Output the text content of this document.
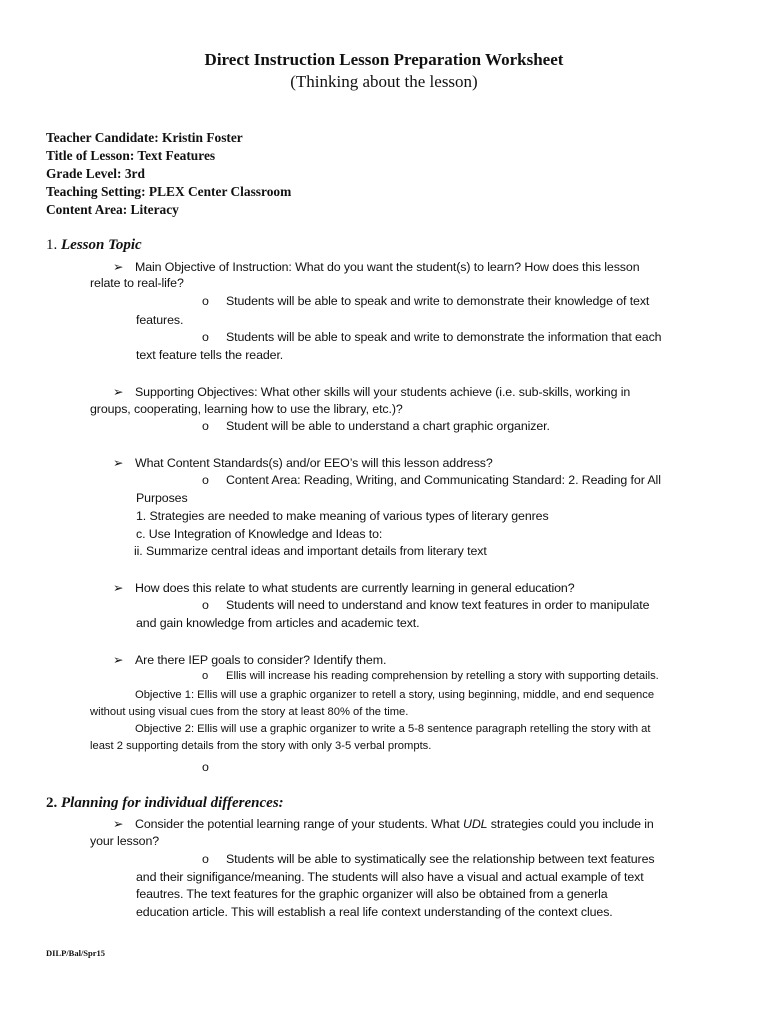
Direct Instruction Lesson Preparation Worksheet
(Thinking about the lesson)
Teacher Candidate: Kristin Foster
Title of Lesson: Text Features
Grade Level: 3rd
Teaching Setting: PLEX Center Classroom
Content Area: Literacy
1. Lesson Topic
➢ Main Objective of Instruction: What do you want the student(s) to learn? How does this lesson
relate to real-life?
o Students will be able to speak and write to demonstrate their knowledge of text
features.
o Students will be able to speak and write to demonstrate the information that each
text feature tells the reader.
➢ Supporting Objectives: What other skills will your students achieve (i.e. sub-skills, working in
groups, cooperating, learning how to use the library, etc.)?
o Student will be able to understand a chart graphic organizer.
➢ What Content Standards(s) and/or EEO’s will this lesson address?
o Content Area: Reading, Writing, and Communicating Standard: 2. Reading for All
Purposes
1. Strategies are needed to make meaning of various types of literary genres
c. Use Integration of Knowledge and Ideas to:
ii. Summarize central ideas and important details from literary text
➢ How does this relate to what students are currently learning in general education?
o Students will need to understand and know text features in order to manipulate
and gain knowledge from articles and academic text.
➢ Are there IEP goals to consider? Identify them.
o Ellis will increase his reading comprehension by retelling a story with supporting details.
Objective 1: Ellis will use a graphic organizer to retell a story, using beginning, middle, and end sequence
without using visual cues from the story at least 80% of the time.
Objective 2: Ellis will use a graphic organizer to write a 5-8 sentence paragraph retelling the story with at
least 2 supporting details from the story with only 3-5 verbal prompts.
o
2. Planning for individual differences:
➢ Consider the potential learning range of your students. What UDL strategies could you include in
your lesson?
o Students will be able to systimatically see the relationship between text features
and their signifigance/meaning. The students will also have a visual and actual example of text
feautres. The text features for the graphic organizer will also be obtained from a generla
education article. This will establish a real life context understanding of the context clues.
DILP/Bal/Spr15
